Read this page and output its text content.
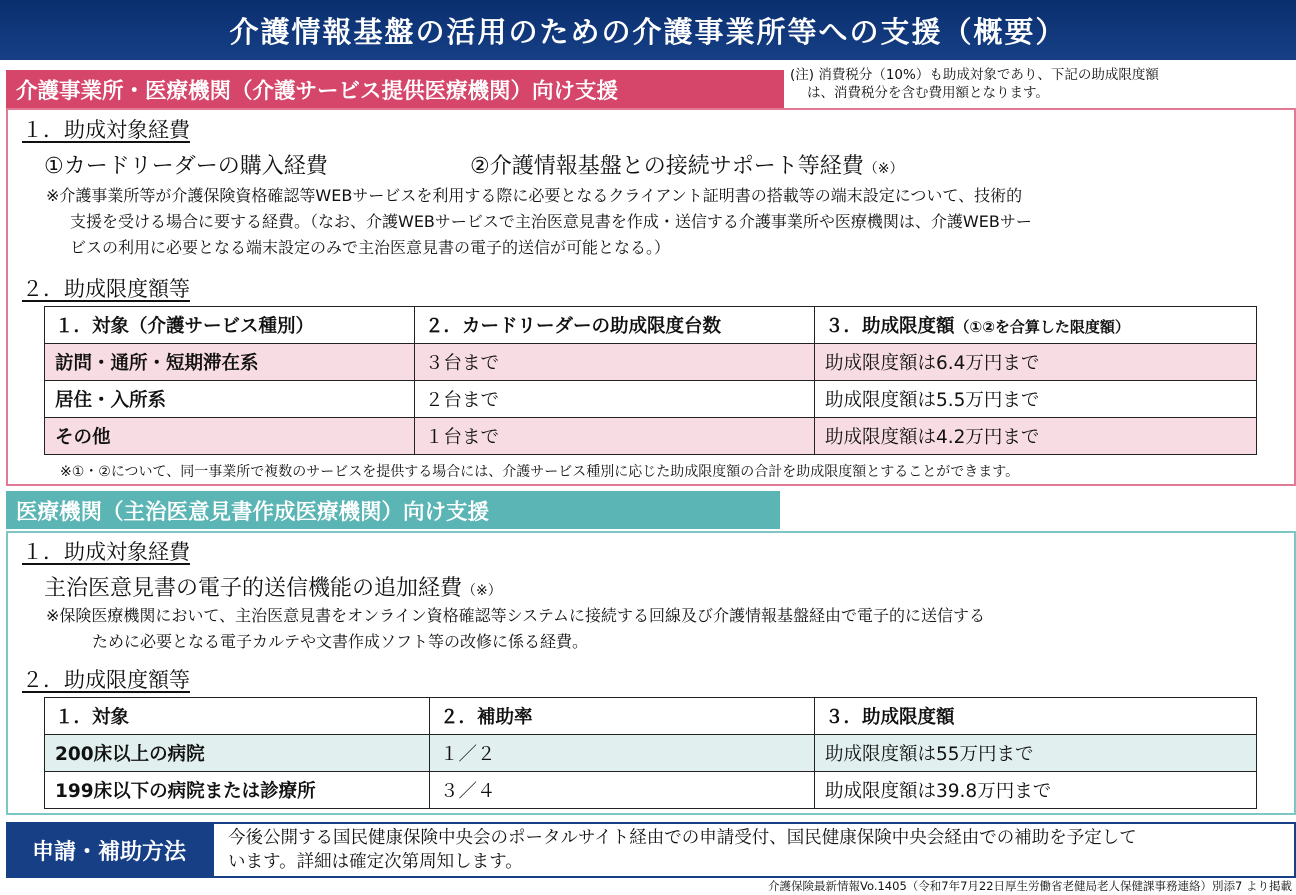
介護情報基盤の活用のための介護事業所等への支援（概要）
介護事業所・医療機関（介護サービス提供医療機関）向け支援
(注) 消費税分（10%）も助成対象であり、下記の助成限度額
は、消費税分を含む費用額となります。
１．助成対象経費
①カードリーダーの購入経費	②介護情報基盤との接続サポート等経費（※）
※介護事業所等が介護保険資格確認等WEBサービスを利用する際に必要となるクライアント証明書の搭載等の端末設定について、技術的
支援を受ける場合に要する経費。（なお、介護WEBサービスで主治医意見書を作成・送信する介護事業所や医療機関は、介護WEBサー
ビスの利用に必要となる端末設定のみで主治医意見書の電子的送信が可能となる。）
２．助成限度額等
１．対象（介護サービス種別）	２．カードリーダーの助成限度台数	３．助成限度額（①②を合算した限度額）
訪問・通所・短期滞在系	３台まで	助成限度額は6.4万円まで
居住・入所系	２台まで	助成限度額は5.5万円まで
その他	１台まで	助成限度額は4.2万円まで
※①・②について、同一事業所で複数のサービスを提供する場合には、介護サービス種別に応じた助成限度額の合計を助成限度額とすることができます。
医療機関（主治医意見書作成医療機関）向け支援
１．助成対象経費
主治医意見書の電子的送信機能の追加経費（※）
※保険医療機関において、主治医意見書をオンライン資格確認等システムに接続する回線及び介護情報基盤経由で電子的に送信する
ために必要となる電子カルテや文書作成ソフト等の改修に係る経費。
２．助成限度額等
１．対象	２．補助率	３．助成限度額
200床以上の病院	１／２	助成限度額は55万円まで
199床以下の病院または診療所	３／４	助成限度額は39.8万円まで
申請・補助方法
今後公開する国民健康保険中央会のポータルサイト経由での申請受付、国民健康保険中央会経由での補助を予定して
います。詳細は確定次第周知します。
介護保険最新情報Vo.1405（令和7年7月22日厚生労働省老健局老人保健課事務連絡）別添7 より掲載
